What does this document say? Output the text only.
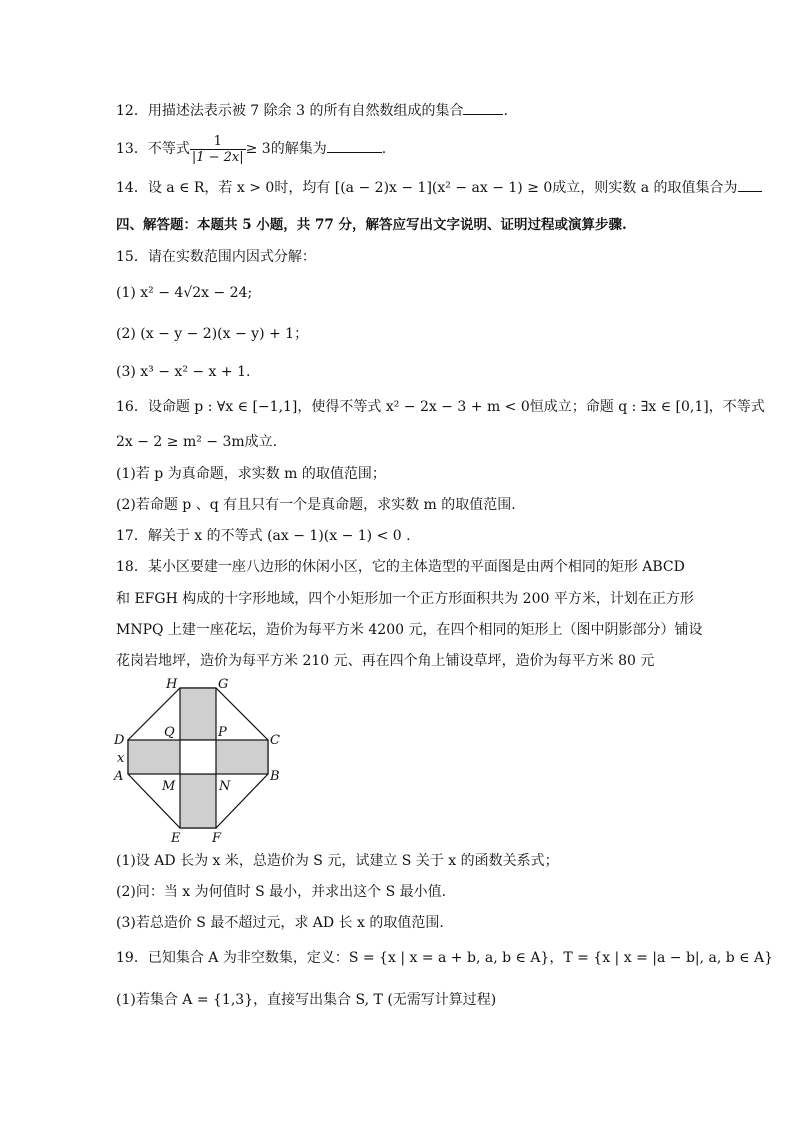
12．用描述法表示被 7 除余 3 的所有自然数组成的集合	.
13．不等式 $\frac{1}{|1 - 2x|} \ge 3$的解集为	.
14．设 a ∈ R，若 x > 0时，均有 [(a − 2)x − 1](x² − ax − 1) ≥ 0成立，则实数 a 的取值集合为
四、解答题：本题共 5 小题，共 77 分，解答应写出文字说明、证明过程或演算步骤.
15．请在实数范围内因式分解：
(1) x² − 4√2x − 24;
(2) (x − y − 2)(x − y) + 1；
(3) x³ − x² − x + 1.
16．设命题 p : ∀x ∈ [−1,1]，使得不等式 x² − 2x − 3 + m < 0恒成立；命题 q : ∃x ∈ [0,1]，不等式
2x − 2 ≥ m² − 3m成立.
(1)若 p 为真命题，求实数 m 的取值范围；
(2)若命题 p 、q 有且只有一个是真命题，求实数 m 的取值范围.
17．解关于 x 的不等式 (ax − 1)(x − 1) < 0 .
18．某小区要建一座八边形的休闲小区，它的主体造型的平面图是由两个相同的矩形 ABCD
和 EFGH 构成的十字形地域，四个小矩形加一个正方形面积共为 200 平方米，计划在正方形
MNPQ 上建一座花坛，造价为每平方米 4200 元，在四个相同的矩形上（图中阴影部分）铺设
花岗岩地坪，造价为每平方米 210 元、再在四个角上铺设草坪，造价为每平方米 80 元
H	G
D	C
x
A	B
Q	P
M	N
E F
(1)设 AD 长为 x 米，总造价为 S 元，试建立 S 关于 x 的函数关系式；
(2)问：当 x 为何值时 S 最小，并求出这个 S 最小值.
(3)若总造价 S 最不超过元，求 AD 长 x 的取值范围.
19．已知集合 A 为非空数集，定义：S = {x | x = a + b, a, b ∈ A}，T = {x | x = |a − b|, a, b ∈ A}
(1)若集合 A = {1,3}，直接写出集合 S, T (无需写计算过程)
